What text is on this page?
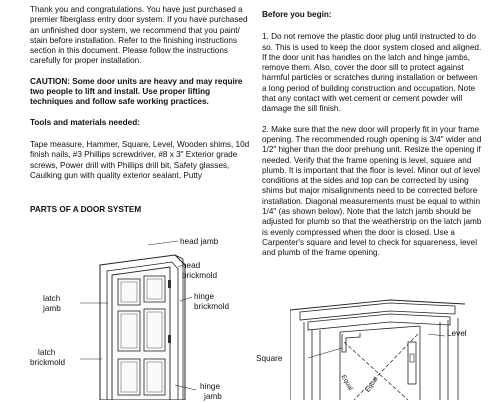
Thank you and congratulations. You have just purchased a premier fiberglass entry door system. If you have purchased an unfinished door system, we recommend that you paint/ stain before installation. Refer to the finishing instructions section in this document. Please follow the instructions carefully for proper installation.

CAUTION: Some door units are heavy and may require two people to lift and install. Use proper lifting techniques and follow safe working practices.

Tools and materials needed:

Tape measure, Hammer, Square, Level, Wooden shims, 10d finish nails, #3 Phillips screwdriver, #8 x 3" Exterior grade screws, Power drill with Phillips drill bit, Safety glasses, Caulking gun with quality exterior sealant, Putty

PARTS OF A DOOR SYSTEM

head jamb
head
brickmold
latch
jamb
hinge
brickmold
latch
brickmold
hinge
jamb

Before you begin:

1. Do not remove the plastic door plug until instructed to do so. This is used to keep the door system closed and aligned. If the door unit has handles on the latch and hinge jambs, remove them. Also, cover the door sill to protect against harmful particles or scratches during installation or between a long period of building construction and occupation. Note that any contact with wet cement or cement powder will damage the sill finish.

2. Make sure that the new door will properly fit in your frame opening. The recommended rough opening is 3/4" wider and 1/2" higher than the door prehung unit. Resize the opening if needed. Verify that the frame opening is level, square and plumb. It is important that the floor is level. Minor out of level conditions at the sides and top can be corrected by using shims but major misalignments need to be corrected before installation. Diagonal measurements must be equal to within 1/4" (as shown below). Note that the latch jamb should be adjusted for plumb so that the weatherstrip on the latch jamb is evenly compressed when the door is closed. Use a Carpenter's square and level to check for squareness, level and plumb of the frame opening.

Level
Square
Equal Equal
